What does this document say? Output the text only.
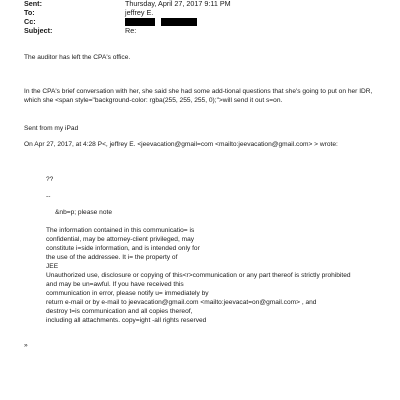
Sent:	Thursday, April 27, 2017 9:11 PM
To:	jeffrey E.
Cc:

Subject:	Re:
The auditor has left the CPA's office.
In the CPA's brief conversation with her, she said she had some add-tional questions that she's going to put on her IDR,
which she <span style="background-color: rgba(255, 255, 255, 0);">will send it out s=on.
Sent from my iPad
On Apr 27, 2017, at 4:28 P<, jeffrey E. <jeevacation@gmail=com <mailto:jeevacation@gmail.com> > wrote:
??
--
&nb=p; please note
The information contained in this communicatio= is
confidential, may be attorney-client privileged, may
constitute i=side information, and is intended only for
the use of the addressee. It i= the property of
JEE
Unauthorized use, disclosure or copying of this<r>communication or any part thereof is strictly prohibited
and may be un=awful. If you have received this
communication in error, please notify u= immediately by
return e-mail or by e-mail to jeevacation@gmail.com <mailto:jeevacat=on@gmail.com> , and
destroy t=is communication and all copies thereof,
including all attachments. copy=ight -all rights reserved
»
